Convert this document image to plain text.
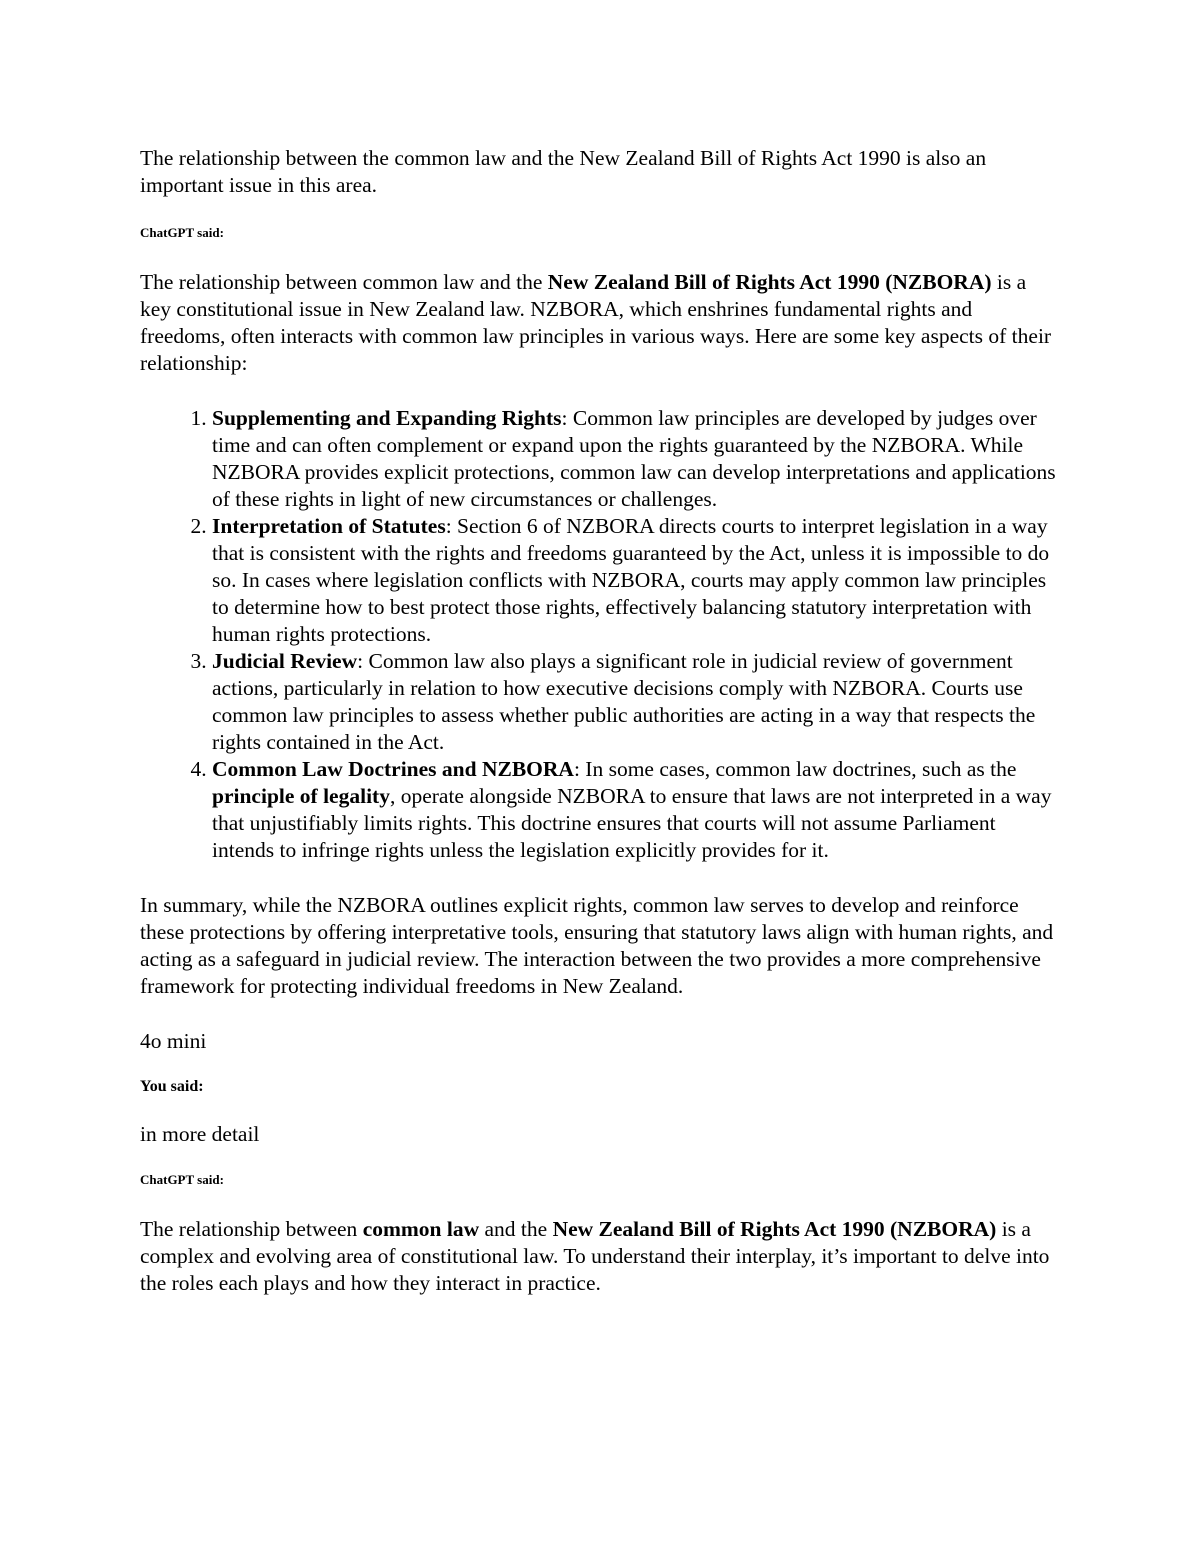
The relationship between the common law and the New Zealand Bill of Rights Act 1990 is also an important issue in this area.

ChatGPT said:

The relationship between common law and the New Zealand Bill of Rights Act 1990 (NZBORA) is a key constitutional issue in New Zealand law. NZBORA, which enshrines fundamental rights and freedoms, often interacts with common law principles in various ways. Here are some key aspects of their relationship:

1. Supplementing and Expanding Rights: Common law principles are developed by judges over time and can often complement or expand upon the rights guaranteed by the NZBORA. While NZBORA provides explicit protections, common law can develop interpretations and applications of these rights in light of new circumstances or challenges.
2. Interpretation of Statutes: Section 6 of NZBORA directs courts to interpret legislation in a way that is consistent with the rights and freedoms guaranteed by the Act, unless it is impossible to do so. In cases where legislation conflicts with NZBORA, courts may apply common law principles to determine how to best protect those rights, effectively balancing statutory interpretation with human rights protections.
3. Judicial Review: Common law also plays a significant role in judicial review of government actions, particularly in relation to how executive decisions comply with NZBORA. Courts use common law principles to assess whether public authorities are acting in a way that respects the rights contained in the Act.
4. Common Law Doctrines and NZBORA: In some cases, common law doctrines, such as the principle of legality, operate alongside NZBORA to ensure that laws are not interpreted in a way that unjustifiably limits rights. This doctrine ensures that courts will not assume Parliament intends to infringe rights unless the legislation explicitly provides for it.

In summary, while the NZBORA outlines explicit rights, common law serves to develop and reinforce these protections by offering interpretative tools, ensuring that statutory laws align with human rights, and acting as a safeguard in judicial review. The interaction between the two provides a more comprehensive framework for protecting individual freedoms in New Zealand.

4o mini

You said:

in more detail

ChatGPT said:

The relationship between common law and the New Zealand Bill of Rights Act 1990 (NZBORA) is a complex and evolving area of constitutional law. To understand their interplay, it’s important to delve into the roles each plays and how they interact in practice.
